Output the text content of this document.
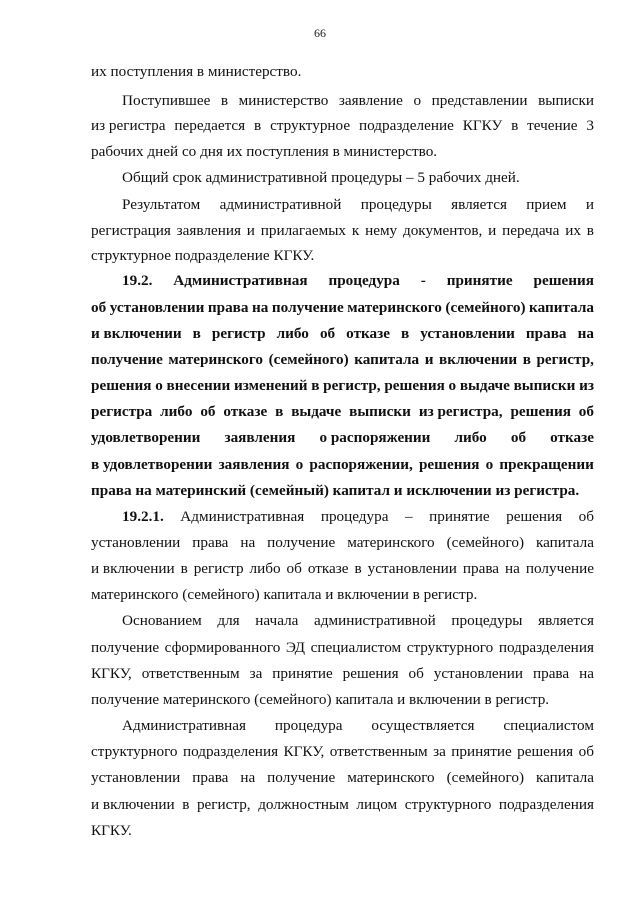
66
их поступления в министерство.
Поступившее в министерство заявление о представлении выписки
из регистра передается в структурное подразделение КГКУ в течение 3
рабочих дней со дня их поступления в министерство.
Общий срок административной процедуры – 5 рабочих дней.
Результатом административной процедуры является прием и
регистрация заявления и прилагаемых к нему документов, и передача их в
структурное подразделение КГКУ.
19.2. Административная процедура - принятие решения
об установлении права на получение материнского (семейного) капитала
и включении в регистр либо об отказе в установлении права на
получение материнского (семейного) капитала и включении в регистр,
решения о внесении изменений в регистр, решения о выдаче выписки из
регистра либо об отказе в выдаче выписки из регистра, решения об
удовлетворении заявления о распоряжении либо об отказе
в удовлетворении заявления о распоряжении, решения о прекращении
права на материнский (семейный) капитал и исключении из регистра.
19.2.1. Административная процедура – принятие решения об
установлении права на получение материнского (семейного) капитала
и включении в регистр либо об отказе в установлении права на получение
материнского (семейного) капитала и включении в регистр.
Основанием для начала административной процедуры является
получение сформированного ЭД специалистом структурного подразделения
КГКУ, ответственным за принятие решения об установлении права на
получение материнского (семейного) капитала и включении в регистр.
Административная процедура осуществляется специалистом
структурного подразделения КГКУ, ответственным за принятие решения об
установлении права на получение материнского (семейного) капитала
и включении в регистр, должностным лицом структурного подразделения
КГКУ.
